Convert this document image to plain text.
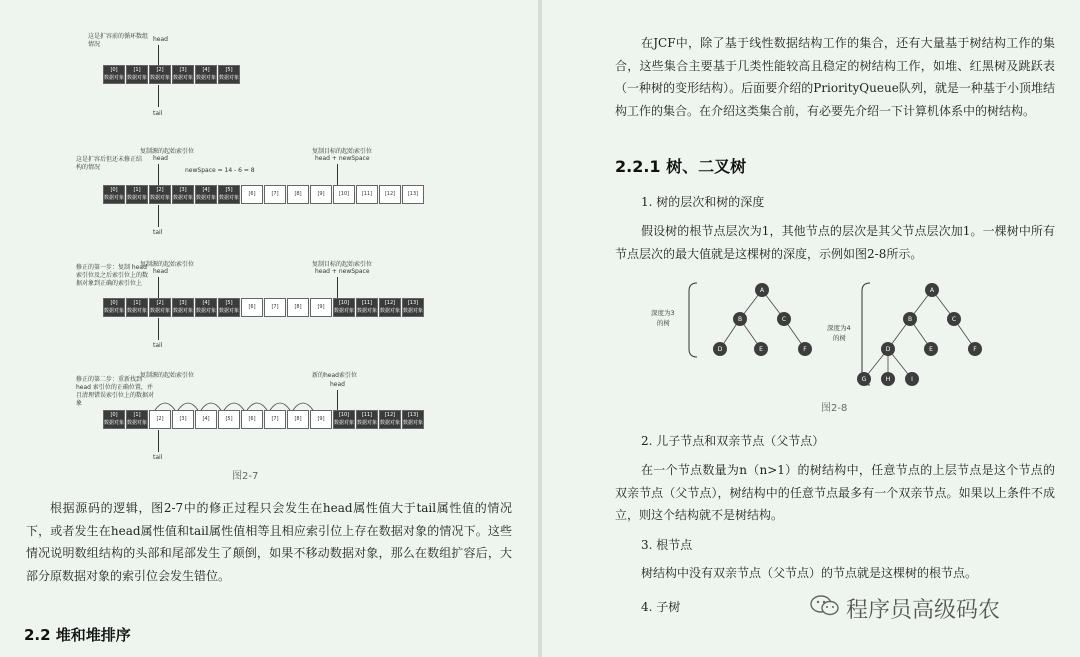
这是扩容前的循环数组情况
head
[0]
数据对象
[1]
数据对象
[2]
数据对象
[3]
数据对象
[4]
数据对象
[5]
数据对象
tail
复制源的起始索引位
head
复制目标的起始索引位
head + newSpace
这是扩容后但还未修正结构的情况	newSpace = 14 - 6 = 8
[0]
数据对象
[1]
数据对象
[2]
数据对象
[3]
数据对象
[4]
数据对象
[5]
数据对象
[6]	[7]	[8]	[9]	[10]	[11]	[12]	[13]
tail
复制源的起始索引位
head
复制目标的起始索引位
head + newSpace
修正的第一步：复制 head 索引位及之后索引位上的数据对象到正确的索引位上
[0]
数据对象
[1]
数据对象
[2]
数据对象
[3]
数据对象
[4]
数据对象
[5]
数据对象
[6]	[7]	[8]	[9]
[10]
数据对象
[11]
数据对象
[12]
数据对象
[13]
数据对象
tail
复制源的起始索引位	新的head索引位
head
修正的第二步：重新找到 head 索引位的正确位置，并且清理错误索引位上的数据对象
[0]
数据对象
[1]
数据对象
[2]	[3]	[4]	[5]	[6]	[7]	[8]	[9]
[10]
数据对象
[11]
数据对象
[12]
数据对象
[13]
数据对象
tail
图2-7
根据源码的逻辑，图2-7中的修正过程只会发生在head属性值大于tail属性值的情况下，或者发生在head属性值和tail属性值相等且相应索引位上存在数据对象的情况下。这些情况说明数组结构的头部和尾部发生了颠倒，如果不移动数据对象，那么在数组扩容后，大部分原数据对象的索引位会发生错位。
2.2 堆和堆排序
在JCF中，除了基于线性数据结构工作的集合，还有大量基于树结构工作的集合，这些集合主要基于几类性能较高且稳定的树结构工作，如堆、红黑树及跳跃表（一种树的变形结构）。后面要介绍的PriorityQueue队列，就是一种基于小顶堆结构工作的集合。在介绍这类集合前，有必要先介绍一下计算机体系中的树结构。
2.2.1 树、二叉树
1. 树的层次和树的深度
假设树的根节点层次为1，其他节点的层次是其父节点层次加1。一棵树中所有节点层次的最大值就是这棵树的深度，示例如图2-8所示。
深度为3
的树
A
B	C
D	E	F
深度为4
的树
A
B	C
D	E	F
G	H	I
图2-8
2. 儿子节点和双亲节点（父节点）
在一个节点数量为n（n>1）的树结构中，任意节点的上层节点是这个节点的双亲节点（父节点），树结构中的任意节点最多有一个双亲节点。如果以上条件不成立，则这个结构就不是树结构。
3. 根节点
树结构中没有双亲节点（父节点）的节点就是这棵树的根节点。
4. 子树	程序员高级码农
